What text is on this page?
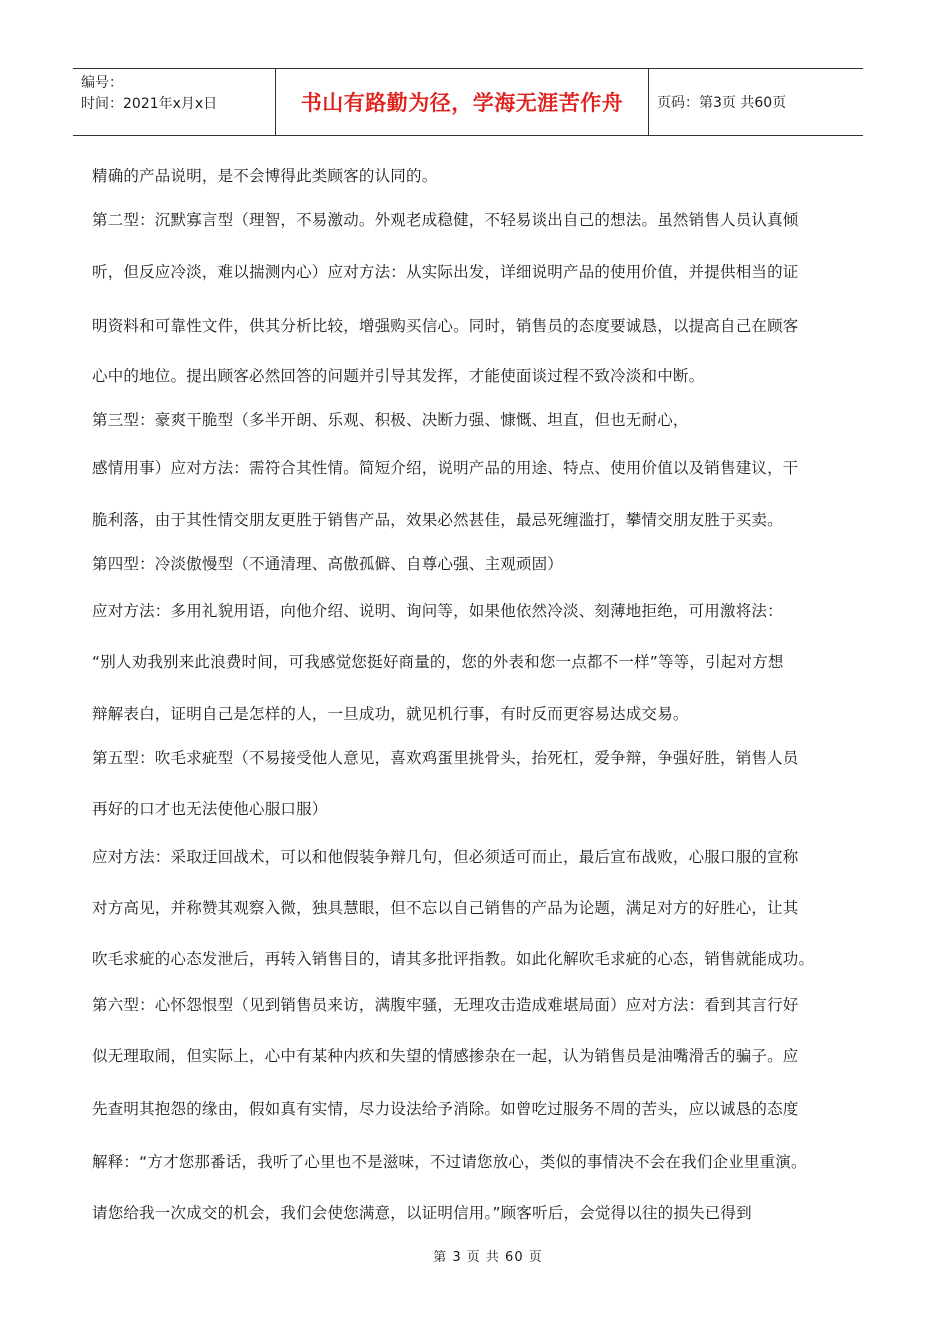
编号：
时间：2021年x月x日	书山有路勤为径，学海无涯苦作舟	页码：第3页 共60页
精确的产品说明，是不会博得此类顾客的认同的。
第二型：沉默寡言型（理智，不易激动。外观老成稳健，不轻易谈出自己的想法。虽然销售人员认真倾
听，但反应冷淡，难以揣测内心）应对方法：从实际出发，详细说明产品的使用价值，并提供相当的证
明资料和可靠性文件，供其分析比较，增强购买信心。同时，销售员的态度要诚恳，以提高自己在顾客
心中的地位。提出顾客必然回答的问题并引导其发挥，才能使面谈过程不致冷淡和中断。
第三型：豪爽干脆型（多半开朗、乐观、积极、决断力强、慷慨、坦直，但也无耐心，
感情用事）应对方法：需符合其性情。简短介绍，说明产品的用途、特点、使用价值以及销售建议，干
脆利落，由于其性情交朋友更胜于销售产品，效果必然甚佳，最忌死缠滥打，攀情交朋友胜于买卖。
第四型：冷淡傲慢型（不通清理、高傲孤僻、自尊心强、主观顽固）
应对方法：多用礼貌用语，向他介绍、说明、询问等，如果他依然冷淡、刻薄地拒绝，可用激将法：
“别人劝我别来此浪费时间，可我感觉您挺好商量的，您的外表和您一点都不一样”等等，引起对方想
辩解表白，证明自己是怎样的人，一旦成功，就见机行事，有时反而更容易达成交易。
第五型：吹毛求疵型（不易接受他人意见，喜欢鸡蛋里挑骨头，抬死杠，爱争辩，争强好胜，销售人员
再好的口才也无法使他心服口服）
应对方法：采取迂回战术，可以和他假装争辩几句，但必须适可而止，最后宣布战败，心服口服的宣称
对方高见，并称赞其观察入微，独具慧眼，但不忘以自己销售的产品为论题，满足对方的好胜心，让其
吹毛求疵的心态发泄后，再转入销售目的，请其多批评指教。如此化解吹毛求疵的心态，销售就能成功。
第六型：心怀怨恨型（见到销售员来访，满腹牢骚，无理攻击造成难堪局面）应对方法：看到其言行好
似无理取闹，但实际上，心中有某种内疚和失望的情感掺杂在一起，认为销售员是油嘴滑舌的骗子。应
先查明其抱怨的缘由，假如真有实情，尽力设法给予消除。如曾吃过服务不周的苦头，应以诚恳的态度
解释：“方才您那番话，我听了心里也不是滋味，不过请您放心，类似的事情决不会在我们企业里重演。
请您给我一次成交的机会，我们会使您满意，以证明信用。”顾客听后，会觉得以往的损失已得到
第 3 页 共 60 页
